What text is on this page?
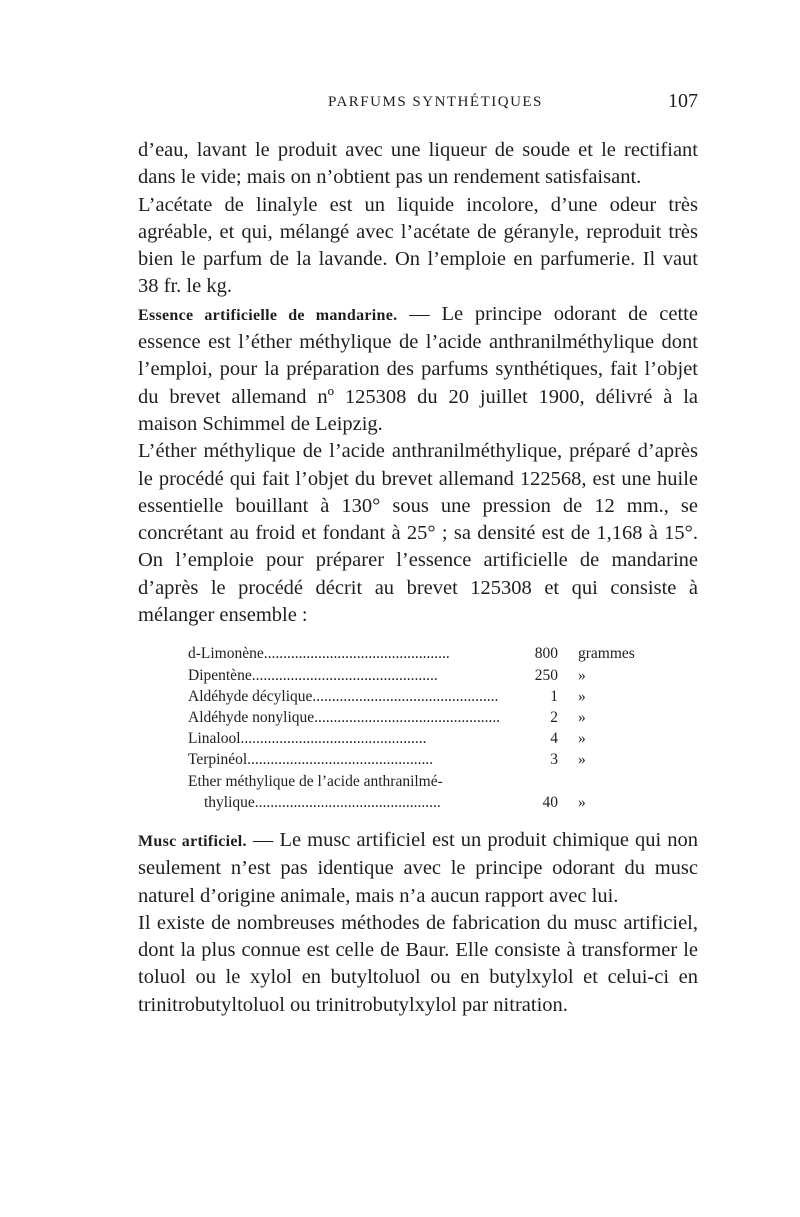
PARFUMS SYNTHÉTIQUES	107

d’eau, lavant le produit avec une liqueur de soude et le rectifiant dans le vide; mais on n’obtient pas un rendement satisfaisant.

L’acétate de linalyle est un liquide incolore, d’une odeur très agréable, et qui, mélangé avec l’acétate de géranyle, reproduit très bien le parfum de la lavande. On l’emploie en parfumerie. Il vaut 38 fr. le kg.

Essence artificielle de mandarine. — Le principe odorant de cette essence est l’éther méthylique de l’acide anthranilméthylique dont l’emploi, pour la préparation des parfums synthétiques, fait l’objet du brevet allemand nº 125308 du 20 juillet 1900, délivré à la maison Schimmel de Leipzig.

L’éther méthylique de l’acide anthranilméthylique, préparé d’après le procédé qui fait l’objet du brevet allemand 122568, est une huile essentielle bouillant à 130° sous une pression de 12 mm., se concrétant au froid et fondant à 25° ; sa densité est de 1,168 à 15°. On l’emploie pour préparer l’essence artificielle de mandarine d’après le procédé décrit au brevet 125308 et qui consiste à mélanger ensemble :

d-Limonène................................................	800 grammes
Dipentène................................................	250 »
Aldéhyde décylique................................................	1 »
Aldéhyde nonylique................................................	2 »
Linalool................................................	4 »
Terpinéol................................................	3 »
Ether méthylique de l’acide anthranilmé-
thylique................................................	40 »

Musc artificiel. — Le musc artificiel est un produit chimique qui non seulement n’est pas identique avec le principe odorant du musc naturel d’origine animale, mais n’a aucun rapport avec lui.

Il existe de nombreuses méthodes de fabrication du musc artificiel, dont la plus connue est celle de Baur. Elle consiste à transformer le toluol ou le xylol en butyltoluol ou en butylxylol et celui-ci en trinitrobutyltoluol ou trinitrobutylxylol par nitration.
